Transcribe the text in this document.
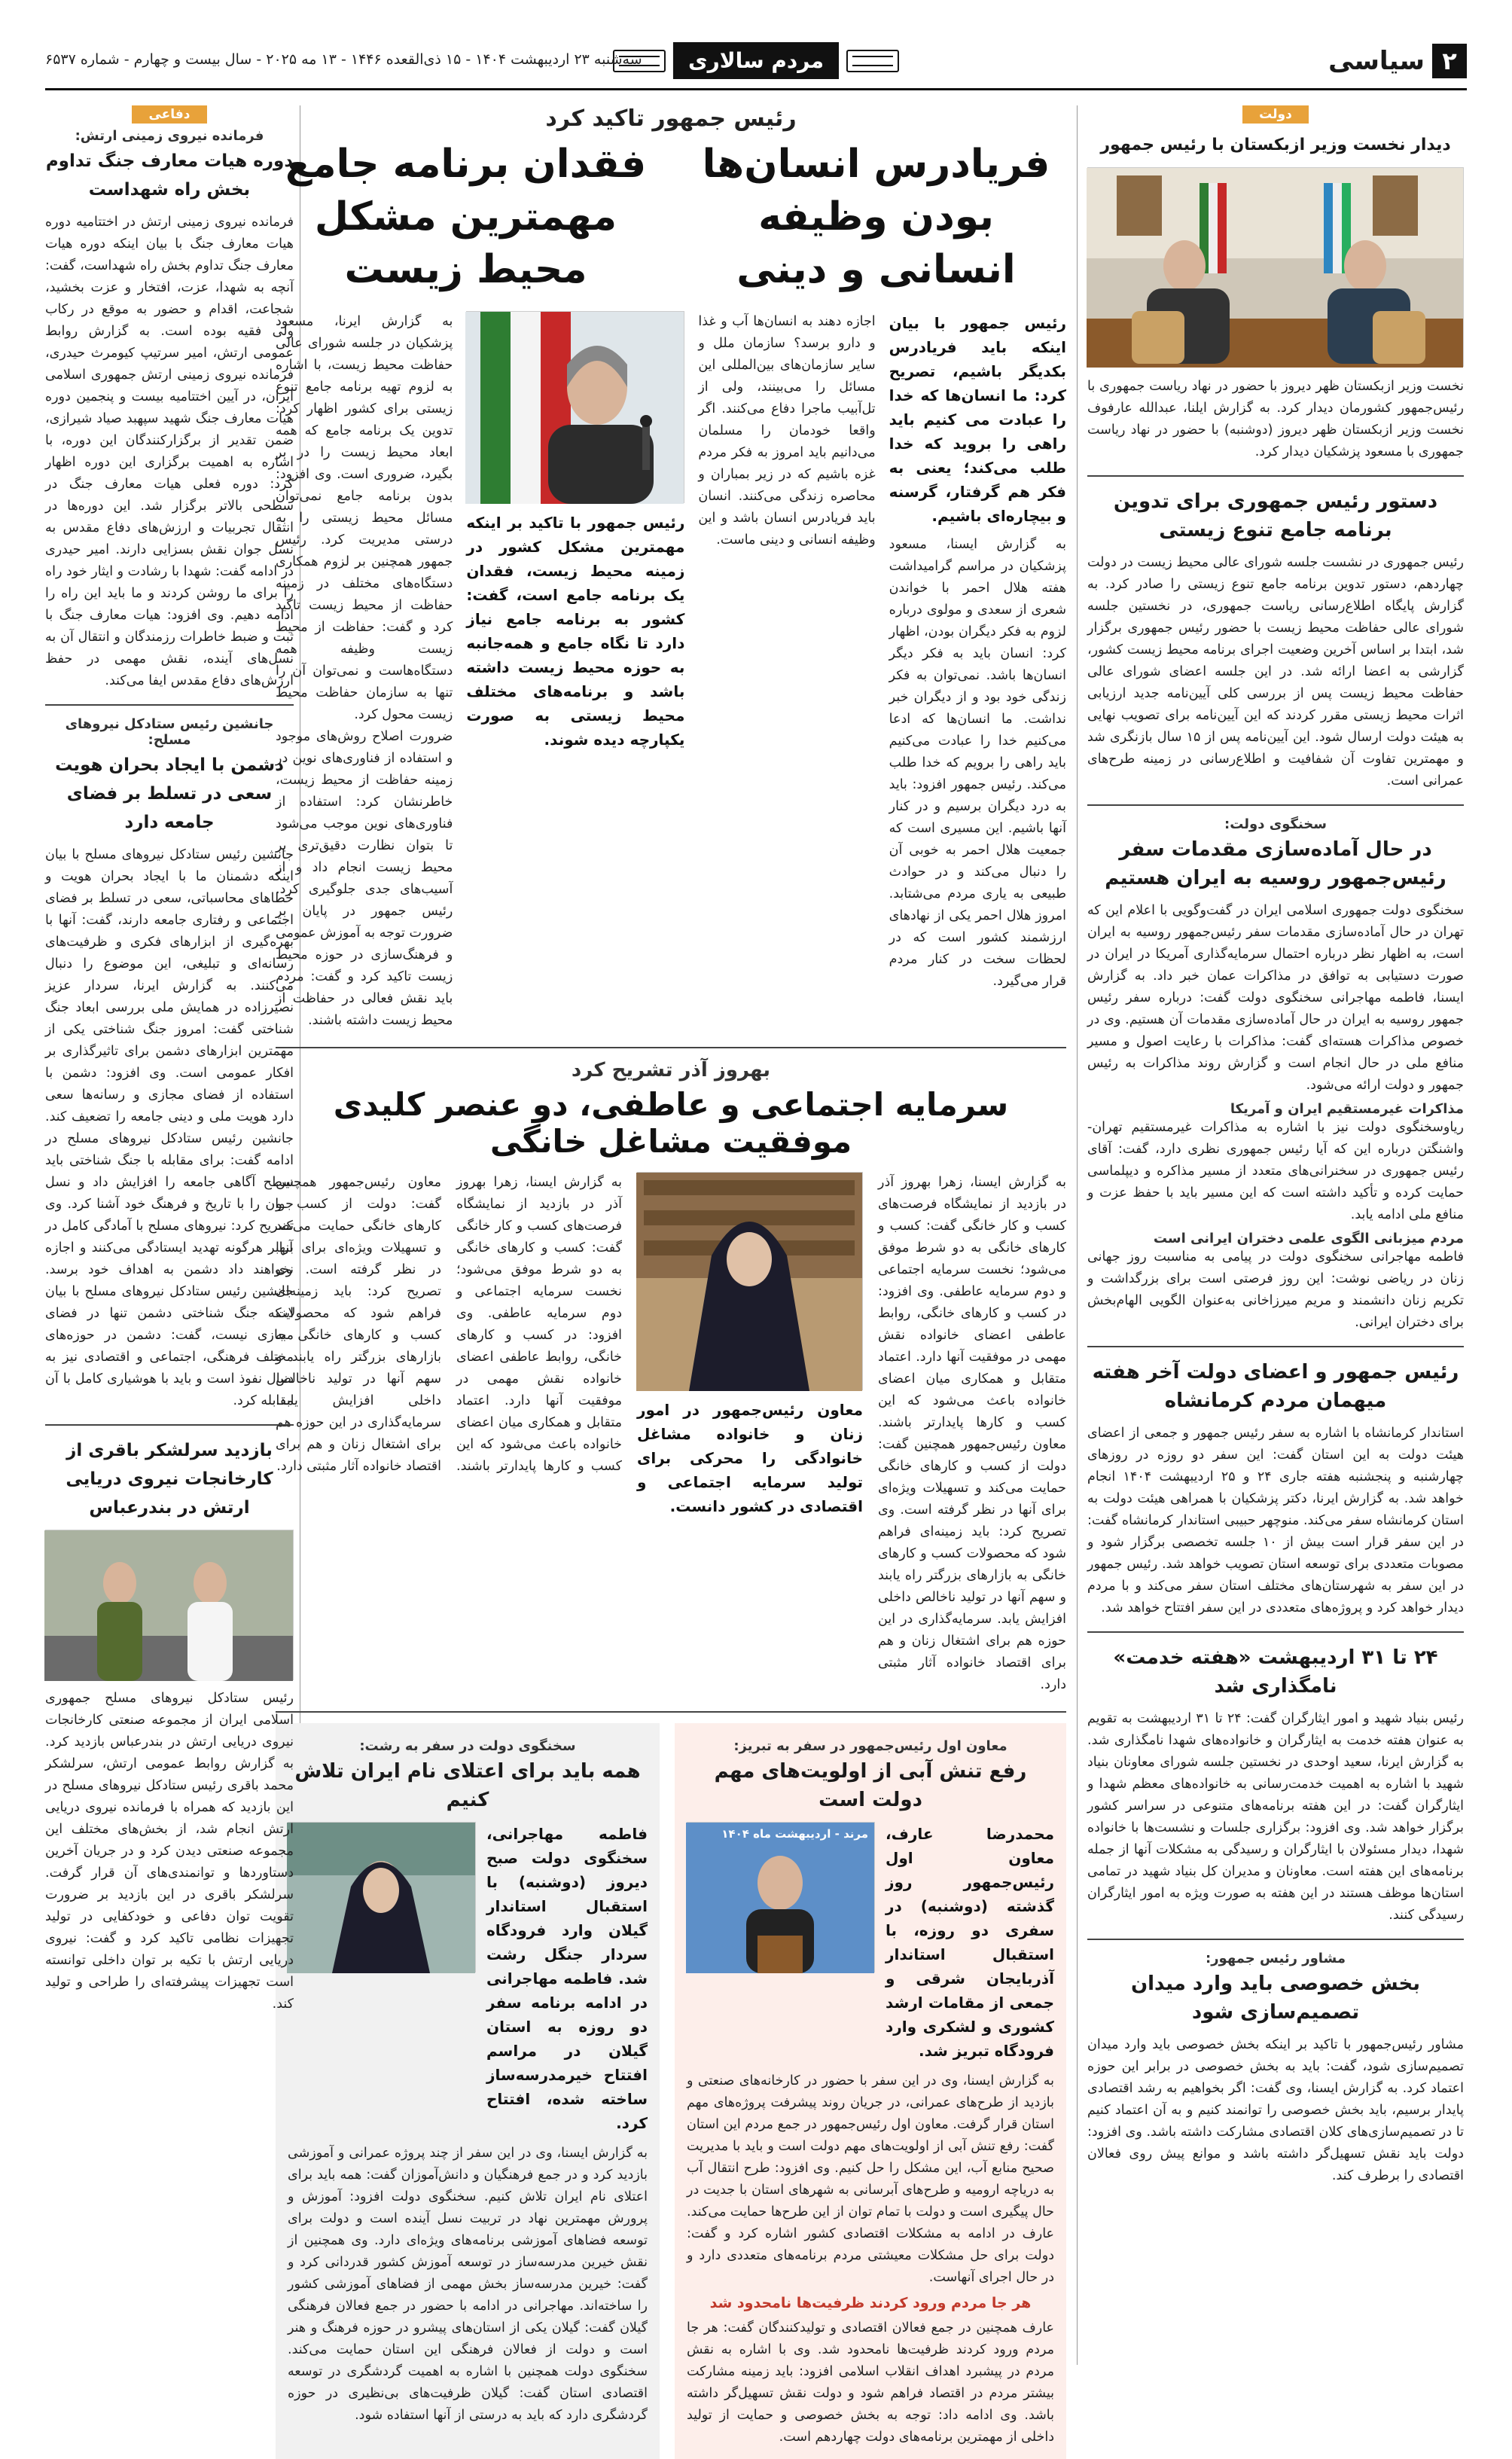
۲
سیاسی
مردم سالاری
سه‌شنبه ۲۳ اردیبهشت ۱۴۰۴ - ۱۵ ذی‌القعده ۱۴۴۶ - ۱۳ مه ۲۰۲۵ - سال بیست و چهارم - شماره ۶۵۳۷
دولت
دیدار نخست وزیر ازبکستان با رئیس جمهور
نخست وزیر ازبکستان ظهر دیروز با حضور در نهاد ریاست جمهوری با رئیس‌جمهور کشورمان دیدار کرد. به گزارش ایلنا، عبدالله عارفوف نخست وزیر ازبکستان ظهر دیروز (دوشنبه) با حضور در نهاد ریاست جمهوری با مسعود پزشکیان دیدار کرد.
دستور رئیس جمهوری برای تدوین برنامه جامع تنوع زیستی
رئیس جمهوری در نشست جلسه شورای عالی محیط زیست در دولت چهاردهم، دستور تدوین برنامه جامع تنوع زیستی را صادر کرد. به گزارش پایگاه اطلاع‌رسانی ریاست جمهوری، در نخستین جلسه شورای عالی حفاظت محیط زیست با حضور رئیس جمهوری برگزار شد، ابتدا بر اساس آخرین وضعیت اجرای برنامه محیط زیست کشور، گزارشی به اعضا ارائه شد. در این جلسه اعضای شورای عالی حفاظت محیط زیست پس از بررسی کلی آیین‌نامه جدید ارزیابی اثرات محیط زیستی مقرر کردند که این آیین‌نامه برای تصویب نهایی به هیئت دولت ارسال شود. این آیین‌نامه پس از ۱۵ سال بازنگری شد و مهمترین تفاوت آن شفافیت و اطلاع‌رسانی در زمینه طرح‌های عمرانی است.
سخنگوی دولت:
در حال آماده‌سازی مقدمات سفر رئیس‌جمهور روسیه به ایران هستیم
سخنگوی دولت جمهوری اسلامی ایران در گفت‌وگویی با اعلام این که تهران در حال آماده‌سازی مقدمات سفر رئیس‌جمهور روسیه به ایران است، به اظهار نظر درباره احتمال سرمایه‌گذاری آمریکا در ایران در صورت دستیابی به توافق در مذاکرات عمان خبر داد. به گزارش ایسنا، فاطمه مهاجرانی سخنگوی دولت گفت: درباره سفر رئیس جمهور روسیه به ایران در حال آماده‌سازی مقدمات آن هستیم. وی در خصوص مذاکرات هسته‌ای گفت: مذاکرات با رعایت اصول و مسیر منافع ملی در حال انجام است و گزارش روند مذاکرات به رئیس جمهور و دولت ارائه می‌شود.
مذاکرات غیرمستقیم ایران و آمریکا
ریاوسخنگوی دولت نیز با اشاره به مذاکرات غیرمستقیم تهران-واشنگتن درباره این که آیا رئیس جمهوری نظری دارد، گفت: آقای رئیس جمهوری در سخنرانی‌های متعدد از مسیر مذاکره و دیپلماسی حمایت کرده و تأکید داشته است که این مسیر باید با حفظ عزت و منافع ملی ادامه یابد.
مردم میزبانی الگوی علمی دختران ایرانی است
فاطمه مهاجرانی سخنگوی دولت در پیامی به مناسبت روز جهانی زنان در ریاضی نوشت: این روز فرصتی است برای بزرگداشت و تکریم زنان دانشمند و مریم میرزاخانی به‌عنوان الگویی الهام‌بخش برای دختران ایرانی.
رئیس جمهور و اعضای دولت آخر هفته میهمان مردم کرمانشاه
استاندار کرمانشاه با اشاره به سفر رئیس جمهور و جمعی از اعضای هیئت دولت به این استان گفت: این سفر دو روزه در روزهای چهارشنبه و پنجشنبه هفته جاری ۲۴ و ۲۵ اردیبهشت ۱۴۰۴ انجام خواهد شد. به گزارش ایرنا، دکتر پزشکیان با همراهی هیئت دولت به استان کرمانشاه سفر می‌کند. منوچهر حبیبی استاندار کرمانشاه گفت: در این سفر قرار است بیش از ۱۰ جلسه تخصصی برگزار شود و مصوبات متعددی برای توسعه استان تصویب خواهد شد. رئیس جمهور در این سفر به شهرستان‌های مختلف استان سفر می‌کند و با مردم دیدار خواهد کرد و پروژه‌های متعددی در این سفر افتتاح خواهد شد.
۲۴ تا ۳۱ اردیبهشت «هفته خدمت» نامگذاری شد
رئیس بنیاد شهید و امور ایثارگران گفت: ۲۴ تا ۳۱ اردیبهشت به تقویم به عنوان هفته خدمت به ایثارگران و خانواده‌های شهدا نامگذاری شد. به گزارش ایرنا، سعید اوحدی در نخستین جلسه شورای معاونان بنیاد شهید با اشاره به اهمیت خدمت‌رسانی به خانواده‌های معظم شهدا و ایثارگران گفت: در این هفته برنامه‌های متنوعی در سراسر کشور برگزار خواهد شد. وی افزود: برگزاری جلسات و نشست‌ها با خانواده شهدا، دیدار مسئولان با ایثارگران و رسیدگی به مشکلات آنها از جمله برنامه‌های این هفته است. معاونان و مدیران کل بنیاد شهید در تمامی استان‌ها موظف هستند در این هفته به صورت ویژه به امور ایثارگران رسیدگی کنند.
مشاور رئیس جمهور:
بخش خصوصی باید وارد میدان تصمیم‌سازی شود
مشاور رئیس‌جمهور با تاکید بر اینکه بخش خصوصی باید وارد میدان تصمیم‌سازی شود، گفت: باید به بخش خصوصی در برابر این حوزه اعتماد کرد. به گزارش ایسنا، وی گفت: اگر بخواهیم به رشد اقتصادی پایدار برسیم، باید بخش خصوصی را توانمند کنیم و به آن اعتماد کنیم تا در تصمیم‌سازی‌های کلان اقتصادی مشارکت داشته باشد. وی افزود: دولت باید نقش تسهیل‌گر داشته باشد و موانع پیش روی فعالان اقتصادی را برطرف کند.
رئیس جمهور تاکید کرد
فریادرس انسان‌ها بودن وظیفه انسانی و دینی
فقدان برنامه جامع مهمترین مشکل محیط زیست
رئیس جمهور با بیان اینکه باید فریادرس بکدیگر باشیم، تصریح کرد: ما انسان‌ها که خدا را عبادت می کنیم باید راهی را بروید که خدا طلب می‌کند؛ یعنی به فکر هم گرفتار، گرسنه و بیچاره‌ای باشیم.
به گزارش ایسنا، مسعود پزشکیان در مراسم گرامیداشت هفته هلال احمر با خواندن شعری از سعدی و مولوی درباره لزوم به فکر دیگران بودن، اظهار کرد: انسان باید به فکر دیگر انسان‌ها باشد. نمی‌توان به فکر زندگی خود بود و از دیگران خبر نداشت. ما انسان‌ها که ادعا می‌کنیم خدا را عبادت می‌کنیم باید راهی را برویم که خدا طلب می‌کند. رئیس جمهور افزود: باید به درد دیگران برسیم و در کنار آنها باشیم. این مسیری است که جمعیت هلال احمر به خوبی آن را دنبال می‌کند و در حوادث طبیعی به یاری مردم می‌شتابد. امروز هلال احمر یکی از نهادهای ارزشمند کشور است که در لحظات سخت در کنار مردم قرار می‌گیرد.
اجازه دهند به انسان‌ها آب و غذا و دارو برسد؟ سازمان ملل و سایر سازمان‌های بین‌المللی این مسائل را می‌بینند، ولی از تل‌آبیب ماجرا دفاع می‌کنند. اگر واقعا خودمان را مسلمان می‌دانیم باید امروز به فکر مردم غزه باشیم که در زیر بمباران و محاصره زندگی می‌کنند. انسان باید فریادرس انسان باشد و این وظیفه انسانی و دینی ماست.
رئیس جمهور با تاکید بر اینکه مهمترین مشکل کشور در زمینه محیط زیست، فقدان یک برنامه جامع است، گفت: کشور به برنامه جامع نیاز دارد تا نگاه جامع و همه‌جانبه به حوزه محیط زیست داشته باشد و برنامه‌های مختلف محیط زیستی به صورت یکپارچه دیده شوند.
به گزارش ایرنا، مسعود پزشکیان در جلسه شورای عالی حفاظت محیط زیست، با اشاره به لزوم تهیه برنامه جامع تنوع زیستی برای کشور اظهار کرد: تدوین یک برنامه جامع که همه ابعاد محیط زیست را در بر بگیرد، ضروری است. وی افزود: بدون برنامه جامع نمی‌توان مسائل محیط زیستی را به درستی مدیریت کرد. رئیس جمهور همچنین بر لزوم همکاری دستگاه‌های مختلف در زمینه حفاظت از محیط زیست تاکید کرد و گفت: حفاظت از محیط زیست وظیفه همه دستگاه‌هاست و نمی‌توان آن را تنها به سازمان حفاظت محیط زیست محول کرد.
ضرورت اصلاح روش‌های موجود و استفاده از فناوری‌های نوین در زمینه حفاظت از محیط زیست، خاطرنشان کرد: استفاده از فناوری‌های نوین موجب می‌شود تا بتوان نظارت دقیق‌تری بر محیط زیست انجام داد و از آسیب‌های جدی جلوگیری کرد. رئیس جمهور در پایان بر ضرورت توجه به آموزش عمومی و فرهنگ‌سازی در حوزه محیط زیست تاکید کرد و گفت: مردم باید نقش فعالی در حفاظت از محیط زیست داشته باشند.
بهروز آذر تشریح کرد
سرمایه اجتماعی و عاطفی، دو عنصر کلیدی موفقیت مشاغل خانگی
به گزارش ایسنا، زهرا بهروز آذر در بازدید از نمایشگاه فرصت‌های کسب و کار خانگی گفت: کسب و کارهای خانگی به دو شرط موفق می‌شود؛ نخست سرمایه اجتماعی و دوم سرمایه عاطفی. وی افزود: در کسب و کارهای خانگی، روابط عاطفی اعضای خانواده نقش مهمی در موفقیت آنها دارد. اعتماد متقابل و همکاری میان اعضای خانواده باعث می‌شود که این کسب و کارها پایدارتر باشند. معاون رئیس‌جمهور همچنین گفت: دولت از کسب و کارهای خانگی حمایت می‌کند و تسهیلات ویژه‌ای برای آنها در نظر گرفته است. وی تصریح کرد: باید زمینه‌ای فراهم شود که محصولات کسب و کارهای خانگی به بازارهای بزرگتر راه یابند و سهم آنها در تولید ناخالص داخلی افزایش یابد. سرمایه‌گذاری در این حوزه هم برای اشتغال زنان و هم برای اقتصاد خانواده آثار مثبتی دارد.
معاون رئیس‌جمهور در امور زنان و خانواده مشاغل خانوادگی را محرکی برای تولید سرمایه اجتماعی و اقتصادی در کشور دانست.
به گزارش ایسنا، زهرا بهروز آذر در بازدید از نمایشگاه فرصت‌های کسب و کار خانگی گفت: کسب و کارهای خانگی به دو شرط موفق می‌شود؛ نخست سرمایه اجتماعی و دوم سرمایه عاطفی. وی افزود: در کسب و کارهای خانگی، روابط عاطفی اعضای خانواده نقش مهمی در موفقیت آنها دارد. اعتماد متقابل و همکاری میان اعضای خانواده باعث می‌شود که این کسب و کارها پایدارتر باشند. معاون رئیس‌جمهور همچنین گفت: دولت از کسب و کارهای خانگی حمایت می‌کند و تسهیلات ویژه‌ای برای آنها در نظر گرفته است. وی تصریح کرد: باید زمینه‌ای فراهم شود که محصولات کسب و کارهای خانگی به بازارهای بزرگتر راه یابند و سهم آنها در تولید ناخالص داخلی افزایش یابد. سرمایه‌گذاری در این حوزه هم برای اشتغال زنان و هم برای اقتصاد خانواده آثار مثبتی دارد.
معاون اول رئیس‌جمهور در سفر به تبریز:
رفع تنش آبی از اولویت‌های مهم دولت است
محمدرضا عارف، معاون اول رئیس‌جمهور روز گذشته (دوشنبه) در سفری دو روزه، با استقبال استاندار آذربایجان شرقی و جمعی از مقامات ارشد کشوری و لشکری وارد فرودگاه تبریز شد.
مرند - اردیبهشت ماه ۱۴۰۴
به گزارش ایسنا، وی در این سفر با حضور در کارخانه‌های صنعتی و بازدید از طرح‌های عمرانی، در جریان روند پیشرفت پروژه‌های مهم استان قرار گرفت. معاون اول رئیس‌جمهور در جمع مردم این استان گفت: رفع تنش آبی از اولویت‌های مهم دولت است و باید با مدیریت صحیح منابع آب، این مشکل را حل کنیم. وی افزود: طرح انتقال آب به دریاچه ارومیه و طرح‌های آبرسانی به شهرهای استان با جدیت در حال پیگیری است و دولت با تمام توان از این طرح‌ها حمایت می‌کند. عارف در ادامه به مشکلات اقتصادی کشور اشاره کرد و گفت: دولت برای حل مشکلات معیشتی مردم برنامه‌های متعددی دارد و در حال اجرای آنهاست.
هر جا مردم ورود کردند ظرفیت‌ها نامحدود شد
عارف همچنین در جمع فعالان اقتصادی و تولیدکنندگان گفت: هر جا مردم ورود کردند ظرفیت‌ها نامحدود شد. وی با اشاره به نقش مردم در پیشبرد اهداف انقلاب اسلامی افزود: باید زمینه مشارکت بیشتر مردم در اقتصاد فراهم شود و دولت نقش تسهیل‌گر داشته باشد. وی ادامه داد: توجه به بخش خصوصی و حمایت از تولید داخلی از مهمترین برنامه‌های دولت چهاردهم است.
سخنگوی دولت در سفر به رشت:
همه باید برای اعتلای نام ایران تلاش کنیم
فاطمه مهاجرانی، سخنگوی دولت صبح دیروز (دوشنبه) با استقبال استاندار گیلان وارد فرودگاه سردار جنگل رشت شد. فاطمه مهاجرانی در ادامه برنامه سفر دو روزه به استان گیلان در مراسم افتتاح خیرمدرسه‌ساز ساخته شده، افتتاح کرد.
به گزارش ایسنا، وی در این سفر از چند پروژه عمرانی و آموزشی بازدید کرد و در جمع فرهنگیان و دانش‌آموزان گفت: همه باید برای اعتلای نام ایران تلاش کنیم. سخنگوی دولت افزود: آموزش و پرورش مهمترین نهاد در تربیت نسل آینده است و دولت برای توسعه فضاهای آموزشی برنامه‌های ویژه‌ای دارد. وی همچنین از نقش خیرین مدرسه‌ساز در توسعه آموزش کشور قدردانی کرد و گفت: خیرین مدرسه‌ساز بخش مهمی از فضاهای آموزشی کشور را ساخته‌اند. مهاجرانی در ادامه با حضور در جمع فعالان فرهنگی گیلان گفت: گیلان یکی از استان‌های پیشرو در حوزه فرهنگ و هنر است و دولت از فعالان فرهنگی این استان حمایت می‌کند. سخنگوی دولت همچنین با اشاره به اهمیت گردشگری در توسعه اقتصادی استان گفت: گیلان ظرفیت‌های بی‌نظیری در حوزه گردشگری دارد که باید به درستی از آنها استفاده شود.
دفاعی
فرمانده نیروی زمینی ارتش:
دوره هیات معارف جنگ تداوم بخش راه شهداست
فرمانده نیروی زمینی ارتش در اختتامیه دوره هیات معارف جنگ با بیان اینکه دوره هیات معارف جنگ تداوم بخش راه شهداست، گفت: آنچه به شهدا، عزت، افتخار و عزت بخشید، شجاعت، اقدام و حضور به موقع در رکاب ولی فقیه بوده است. به گزارش روابط عمومی ارتش، امیر سرتیپ کیومرث حیدری، فرمانده نیروی زمینی ارتش جمهوری اسلامی ایران، در آیین اختتامیه بیست و پنجمین دوره هیات معارف جنگ شهید سپهبد صیاد شیرازی، ضمن تقدیر از برگزارکنندگان این دوره، با اشاره به اهمیت برگزاری این دوره اظهار کرد: دوره فعلی هیات معارف جنگ در سطحی بالاتر برگزار شد. این دوره‌ها در انتقال تجربیات و ارزش‌های دفاع مقدس به نسل جوان نقش بسزایی دارند. امیر حیدری در ادامه گفت: شهدا با رشادت و ایثار خود راه را برای ما روشن کردند و ما باید این راه را ادامه دهیم. وی افزود: هیات معارف جنگ با ثبت و ضبط خاطرات رزمندگان و انتقال آن به نسل‌های آینده، نقش مهمی در حفظ ارزش‌های دفاع مقدس ایفا می‌کند.
جانشین رئیس ستادکل نیروهای مسلح:
دشمن با ایجاد بحران هویت سعی در تسلط بر فضای جامعه دارد
جانشین رئیس ستادکل نیروهای مسلح با بیان اینکه دشمنان ما با ایجاد بحران هویت و خطاهای محاسباتی، سعی در تسلط بر فضای اجتماعی و رفتاری جامعه دارند، گفت: آنها با بهره‌گیری از ابزارهای فکری و ظرفیت‌های رسانه‌ای و تبلیغی، این موضوع را دنبال می‌کنند. به گزارش ایرنا، سردار عزیز نصیرزاده در همایش ملی بررسی ابعاد جنگ شناختی گفت: امروز جنگ شناختی یکی از مهمترین ابزارهای دشمن برای تاثیرگذاری بر افکار عمومی است. وی افزود: دشمن با استفاده از فضای مجازی و رسانه‌ها سعی دارد هویت ملی و دینی جامعه را تضعیف کند. جانشین رئیس ستادکل نیروهای مسلح در ادامه گفت: برای مقابله با جنگ شناختی باید سطح آگاهی جامعه را افزایش داد و نسل جوان را با تاریخ و فرهنگ خود آشنا کرد. وی تصریح کرد: نیروهای مسلح با آمادگی کامل در برابر هرگونه تهدید ایستادگی می‌کنند و اجازه نخواهند داد دشمن به اهداف خود برسد. جانشین رئیس ستادکل نیروهای مسلح با بیان اینکه جنگ شناختی دشمن تنها در فضای مجازی نیست، گفت: دشمن در حوزه‌های مختلف فرهنگی، اجتماعی و اقتصادی نیز به دنبال نفوذ است و باید با هوشیاری کامل با آن مقابله کرد.
بازدید سرلشکر باقری از کارخانجات نیروی دریایی ارتش در بندرعباس
رئیس ستادکل نیروهای مسلح جمهوری اسلامی ایران از مجموعه صنعتی کارخانجات نیروی دریایی ارتش در بندرعباس بازدید کرد. به گزارش روابط عمومی ارتش، سرلشکر محمد باقری رئیس ستادکل نیروهای مسلح در این بازدید که همراه با فرمانده نیروی دریایی ارتش انجام شد، از بخش‌های مختلف این مجموعه صنعتی دیدن کرد و در جریان آخرین دستاوردها و توانمندی‌های آن قرار گرفت. سرلشکر باقری در این بازدید بر ضرورت تقویت توان دفاعی و خودکفایی در تولید تجهیزات نظامی تاکید کرد و گفت: نیروی دریایی ارتش با تکیه بر توان داخلی توانسته است تجهیزات پیشرفته‌ای را طراحی و تولید کند.
